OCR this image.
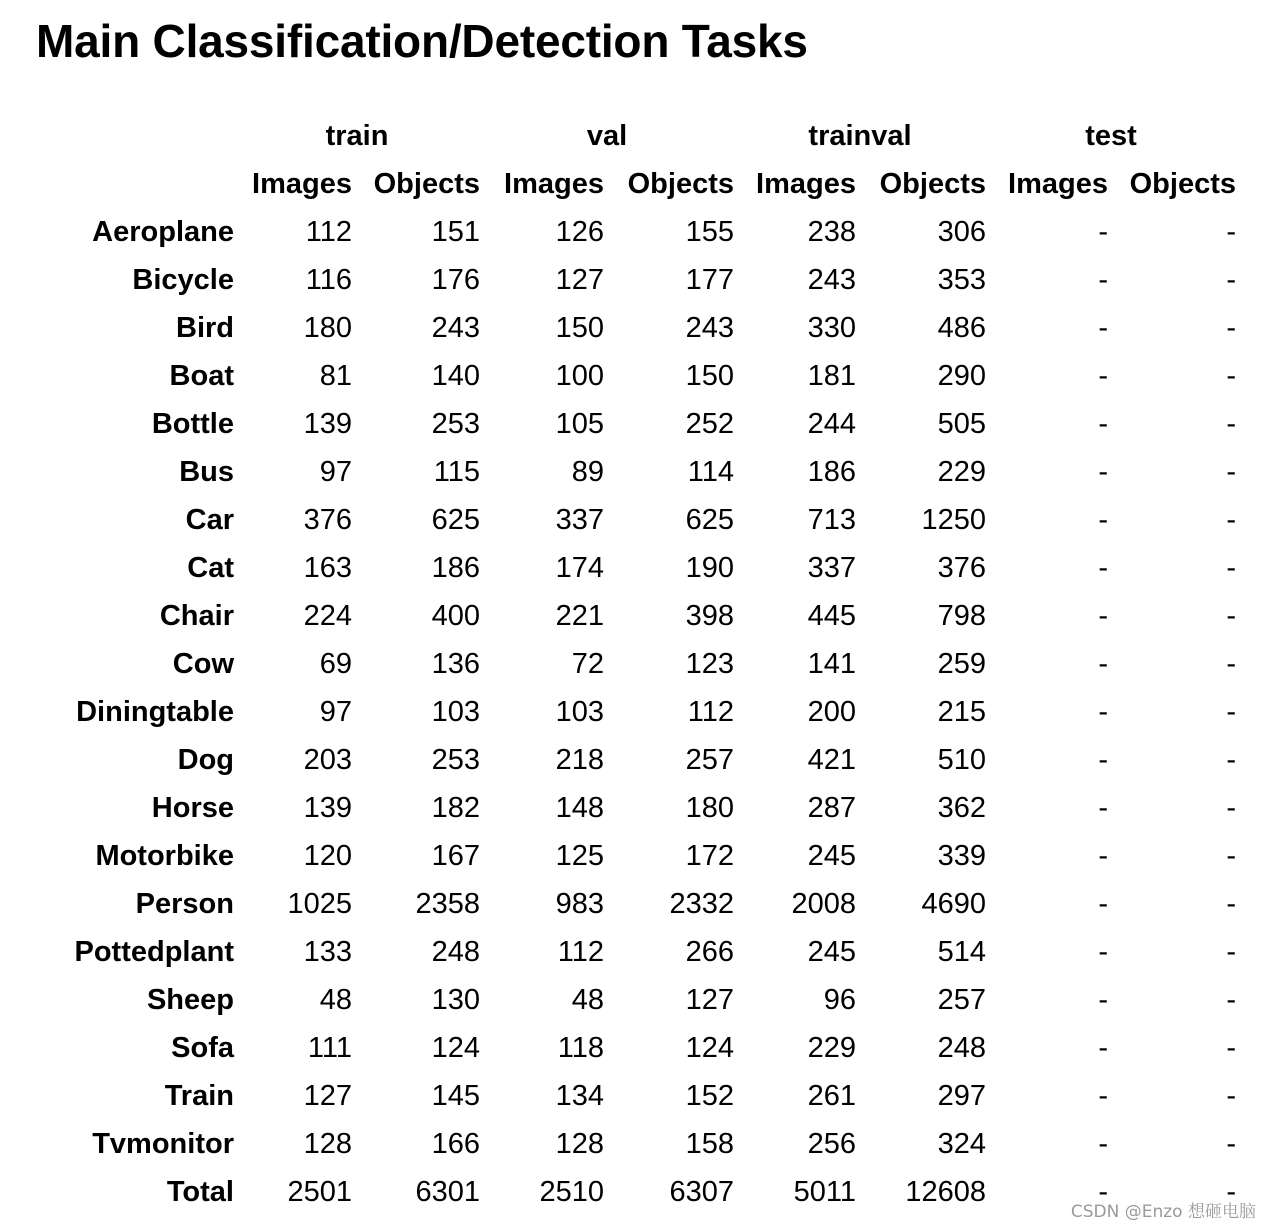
Main Classification/Detection Tasks
	train		val		trainval		test	
	Images	Objects	Images	Objects	Images	Objects	Images	Objects
Aeroplane	112	151	126	155	238	306	-	-
Bicycle	116	176	127	177	243	353	-	-
Bird	180	243	150	243	330	486	-	-
Boat	81	140	100	150	181	290	-	-
Bottle	139	253	105	252	244	505	-	-
Bus	97	115	89	114	186	229	-	-
Car	376	625	337	625	713	1250	-	-
Cat	163	186	174	190	337	376	-	-
Chair	224	400	221	398	445	798	-	-
Cow	69	136	72	123	141	259	-	-
Diningtable	97	103	103	112	200	215	-	-
Dog	203	253	218	257	421	510	-	-
Horse	139	182	148	180	287	362	-	-
Motorbike	120	167	125	172	245	339	-	-
Person	1025	2358	983	2332	2008	4690	-	-
Pottedplant	133	248	112	266	245	514	-	-
Sheep	48	130	48	127	96	257	-	-
Sofa	111	124	118	124	229	248	-	-
Train	127	145	134	152	261	297	-	-
Tvmonitor	128	166	128	158	256	324	-	-
Total	2501	6301	2510	6307	5011	12608	-	-
CSDN @Enzo 想砸电脑
